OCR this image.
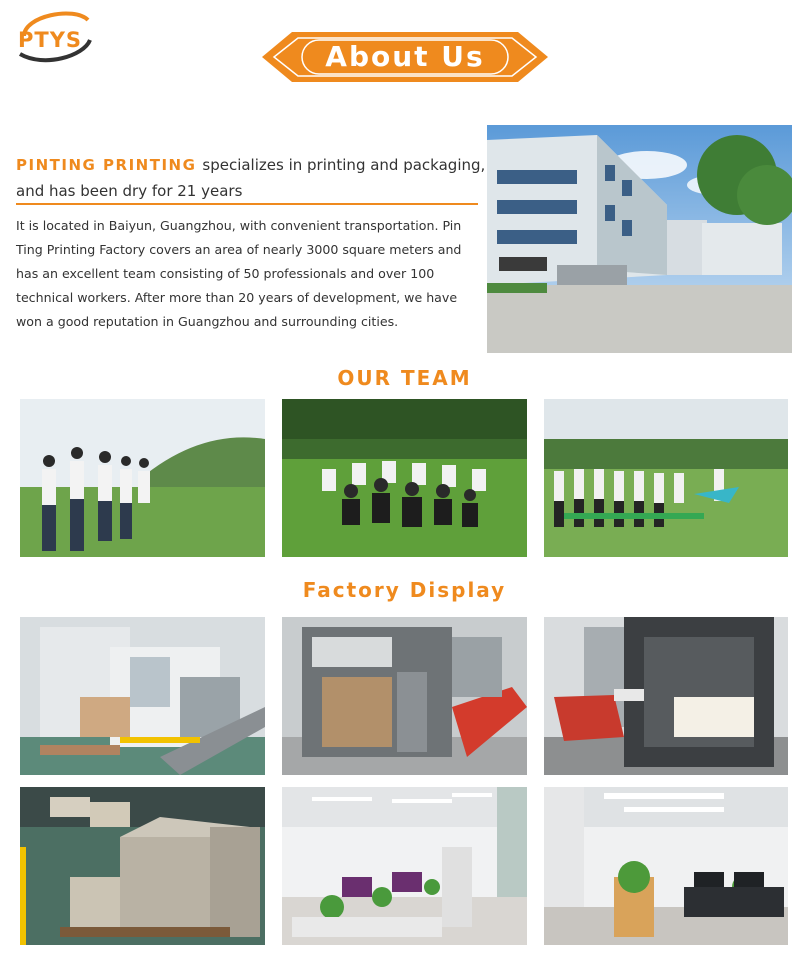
PTYS	About Us
PINTING PRINTING specializes in printing and packaging, and has been dry for 21 years
It is located in Baiyun, Guangzhou, with convenient transportation. Pin Ting Printing Factory covers an area of nearly 3000 square meters and has an excellent team consisting of 50 professionals and over 100 technical workers. After more than 20 years of development, we have won a good reputation in Guangzhou and surrounding cities.
OUR TEAM
Factory Display
